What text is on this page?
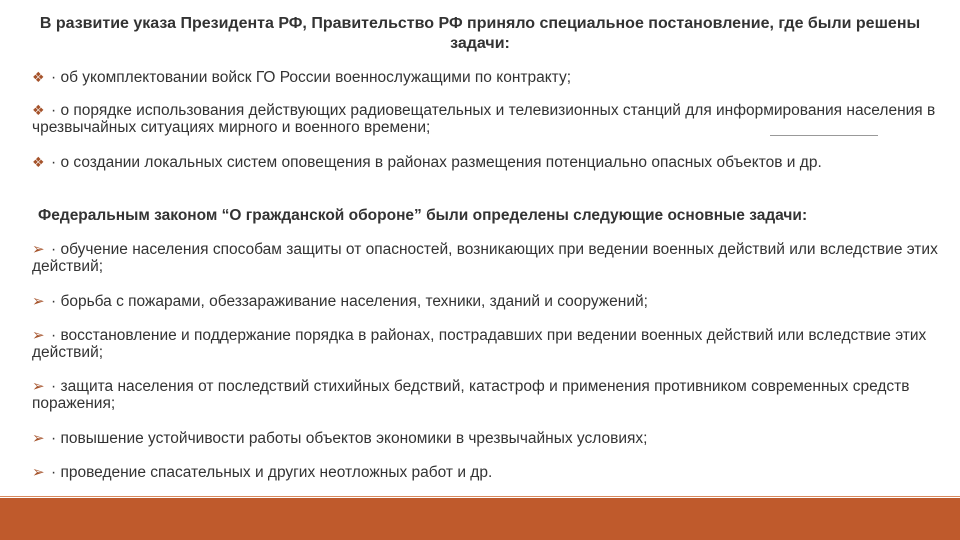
В развитие указа Президента РФ, Правительство РФ приняло специальное постановление, где были решены задачи:
❖ · об укомплектовании войск ГО России военнослужащими по контракту;
❖ · о порядке использования действующих радиовещательных и телевизионных станций для информирования населения в чрезвычайных ситуациях мирного и военного времени;
❖ · о создании локальных систем оповещения в районах размещения потенциально опасных объектов и др.
Федеральным законом “О гражданской обороне” были определены следующие основные задачи:
➢ · обучение населения способам защиты от опасностей, возникающих при ведении военных действий или вследствие этих действий;
➢ · борьба с пожарами, обеззараживание населения, техники, зданий и сооружений;
➢ · восстановление и поддержание порядка в районах, пострадавших при ведении военных действий или вследствие этих действий;
➢ · защита населения от последствий стихийных бедствий, катастроф и применения противником современных средств поражения;
➢ · повышение устойчивости работы объектов экономики в чрезвычайных условиях;
➢ · проведение спасательных и других неотложных работ и др.
